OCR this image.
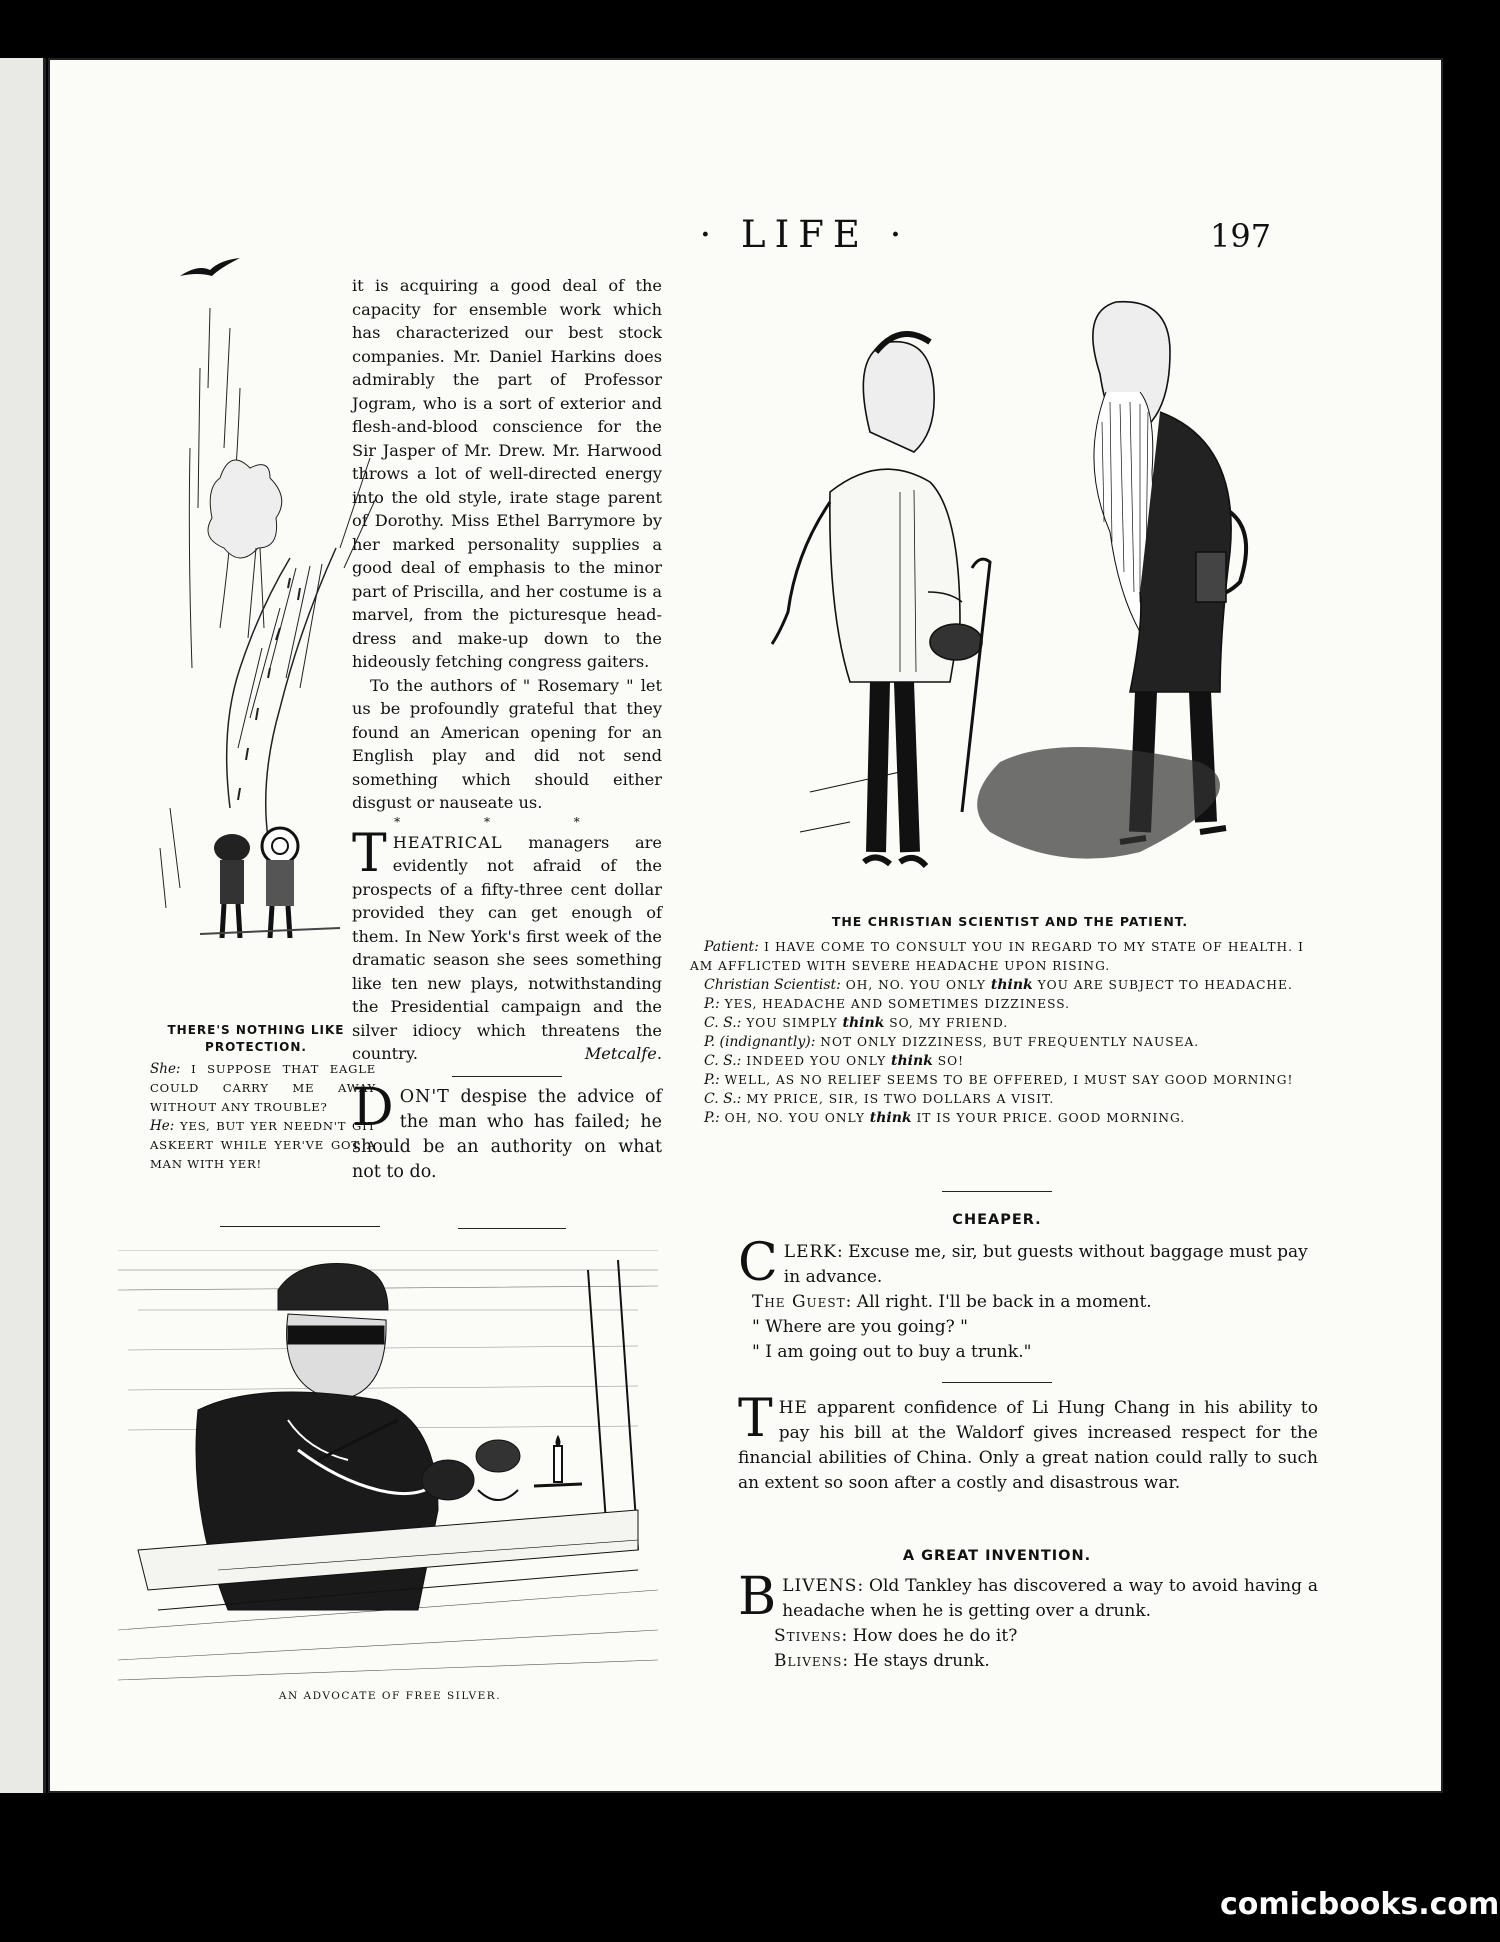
· LIFE ·	197
THERE'S NOTHING LIKE PROTECTION.

She: I SUPPOSE THAT EAGLE COULD CARRY ME AWAY WITHOUT ANY TROUBLE?

He: YES, BUT YER NEEDN'T GIT ASKEERT WHILE YER'VE GOT A MAN WITH YER!

it is acquiring a good deal of the capacity for ensemble work which has characterized our best stock companies. Mr. Daniel Harkins does admirably the part of Professor Jogram, who is a sort of exterior and flesh-and-blood conscience for the Sir Jasper of Mr. Drew. Mr. Harwood throws a lot of well-directed energy into the old style, irate stage parent of Dorothy. Miss Ethel Barrymore by her marked personality supplies a good deal of emphasis to the minor part of Priscilla, and her costume is a marvel, from the picturesque head-dress and make-up down to the hideously fetching congress gaiters.

To the authors of " Rosemary " let us be profoundly grateful that they found an American opening for an English play and did not send something which should either disgust or nauseate us.

* * *

THEATRICAL managers are evidently not afraid of the prospects of a fifty-three cent dollar provided they can get enough of them. In New York's first week of the dramatic season she sees something like ten new plays, notwithstanding the Presidential campaign and the silver idiocy which threatens the country.	Metcalfe.

DON'T despise the advice of the man who has failed; he should be an authority on what not to do.

THE CHRISTIAN SCIENTIST AND THE PATIENT.

Patient: I HAVE COME TO CONSULT YOU IN REGARD TO MY STATE OF HEALTH. I AM AFFLICTED WITH SEVERE HEADACHE UPON RISING.

Christian Scientist: OH, NO. YOU ONLY think YOU ARE SUBJECT TO HEADACHE.

P.: YES, HEADACHE AND SOMETIMES DIZZINESS.

C. S.: YOU SIMPLY think SO, MY FRIEND.

P. (indignantly): NOT ONLY DIZZINESS, BUT FREQUENTLY NAUSEA.

C. S.: INDEED YOU ONLY think SO!

P.: WELL, AS NO RELIEF SEEMS TO BE OFFERED, I MUST SAY GOOD MORNING!

C. S.: MY PRICE, SIR, IS TWO DOLLARS A VISIT.

P.: OH, NO. YOU ONLY think IT IS YOUR PRICE. GOOD MORNING.

CHEAPER.

CLERK: Excuse me, sir, but guests without baggage must pay in advance.

The Guest: All right. I'll be back in a moment.

" Where are you going? "

" I am going out to buy a trunk."

THE apparent confidence of Li Hung Chang in his ability to pay his bill at the Waldorf gives increased respect for the financial abilities of China. Only a great nation could rally to such an extent so soon after a costly and disastrous war.

A GREAT INVENTION.

BLIVENS: Old Tankley has discovered a way to avoid having a headache when he is getting over a drunk.

Stivens: How does he do it?

Blivens: He stays drunk.

AN ADVOCATE OF FREE SILVER.
comicbooks.com
